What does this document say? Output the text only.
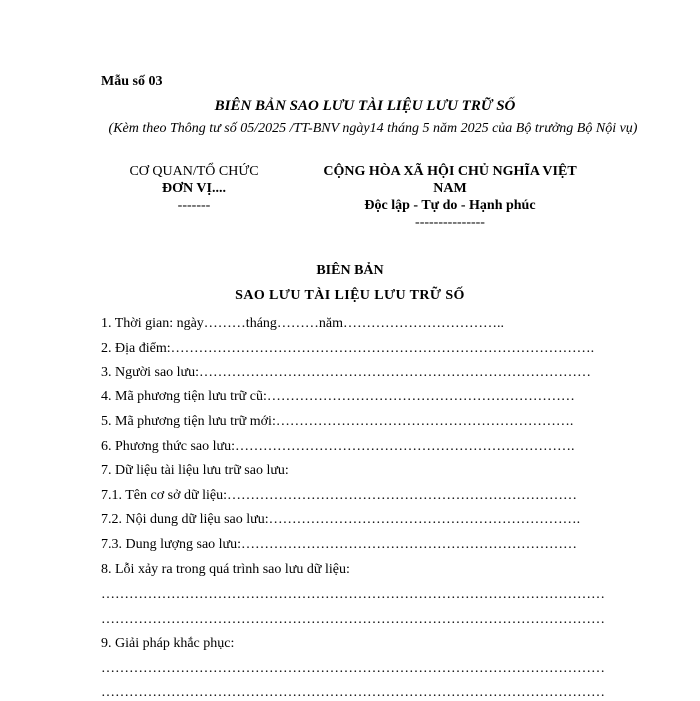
Mẫu số 03
BIÊN BẢN SAO LƯU TÀI LIỆU LƯU TRỮ SỐ
(Kèm theo Thông tư số 05/2025 /TT-BNV ngày14 tháng 5 năm 2025 của Bộ trưởng Bộ Nội vụ)
CƠ QUAN/TỔ CHỨC
ĐƠN VỊ....
-------
CỘNG HÒA XÃ HỘI CHỦ NGHĨA VIỆT
NAM
Độc lập - Tự do - Hạnh phúc
---------------
BIÊN BẢN
SAO LƯU TÀI LIỆU LƯU TRỮ SỐ
1. Thời gian: ngày………tháng………năm……………………………..
2. Địa điểm:……………………………………………………………………………….
3. Người sao lưu:…………………………………………………………………………
4. Mã phương tiện lưu trữ cũ:…………………………………………………………
5. Mã phương tiện lưu trữ mới:……………………………………………………….
6. Phương thức sao lưu:……………………………………………………………….
7. Dữ liệu tài liệu lưu trữ sao lưu:
7.1. Tên cơ sở dữ liệu:…………………………………………………………………
7.2. Nội dung dữ liệu sao lưu:………………………………………………………….
7.3. Dung lượng sao lưu:………………………………………………………………
8. Lỗi xảy ra trong quá trình sao lưu dữ liệu:
………………………………………………………………………………………………
………………………………………………………………………………………………
9. Giải pháp khắc phục:
………………………………………………………………………………………………
………………………………………………………………………………………………
